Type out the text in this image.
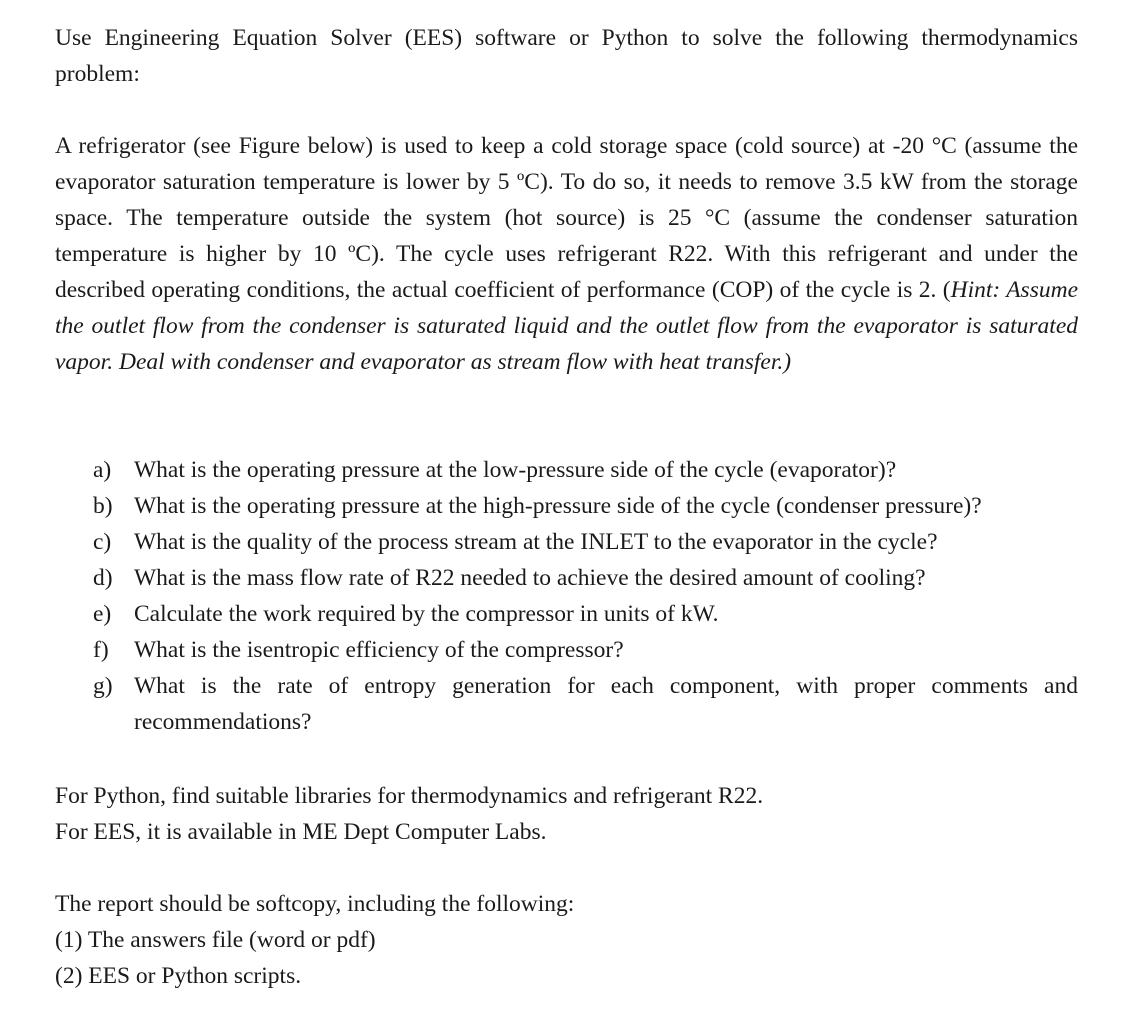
Use Engineering Equation Solver (EES) software or Python to solve the following thermodynamics problem:

A refrigerator (see Figure below) is used to keep a cold storage space (cold source) at -20 °C (assume the evaporator saturation temperature is lower by 5 ºC). To do so, it needs to remove 3.5 kW from the storage space. The temperature outside the system (hot source) is 25 °C (assume the condenser saturation temperature is higher by 10 ºC). The cycle uses refrigerant R22. With this refrigerant and under the described operating conditions, the actual coefficient of performance (COP) of the cycle is 2. (Hint: Assume the outlet flow from the condenser is saturated liquid and the outlet flow from the evaporator is saturated vapor. Deal with condenser and evaporator as stream flow with heat transfer.)

a) What is the operating pressure at the low-pressure side of the cycle (evaporator)?
b) What is the operating pressure at the high-pressure side of the cycle (condenser pressure)?
c) What is the quality of the process stream at the INLET to the evaporator in the cycle?
d) What is the mass flow rate of R22 needed to achieve the desired amount of cooling?
e) Calculate the work required by the compressor in units of kW.
f) What is the isentropic efficiency of the compressor?
g) What is the rate of entropy generation for each component, with proper comments and recommendations?

For Python, find suitable libraries for thermodynamics and refrigerant R22.

For EES, it is available in ME Dept Computer Labs.

The report should be softcopy, including the following:

(1) The answers file (word or pdf)

(2) EES or Python scripts.
